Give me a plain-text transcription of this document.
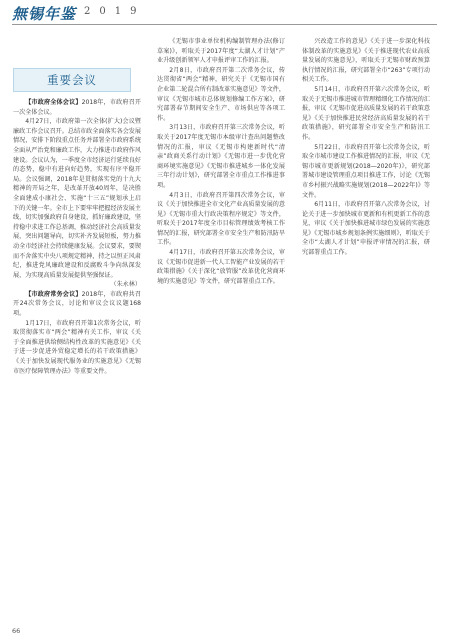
無锡年鉴 2019
重要会议

【市政府全体会议】2018年，市政府召开一次全体会议。

4月27日，市政府第一次全体(扩大)会议暨廉政工作会议召开。总结市政全面落实各会发展情况，安排下阶段重点任务并部署全市政府系统全面从严治党和廉政工作，大力推进市政府作风建设。会议认为，一季度全市经济运行延续良好的态势，稳中有进向好趋势，实现有序平稳开局。会议强调，2018年是贯彻落实党的十九大精神的开局之年，是改革开放40周年，是决胜全面建成小康社会、实施“十三五”规划承上启下的关键一年。全市上下要牢牢把握经济发展主线，切实加强政府自身建设，抓好廉政建设，坚持稳中求进工作总基调，推动经济社会高质量发展，突出问题导向，切实补齐发展短板，努力推动全市经济社会持续健康发展。会议要求，要锲而不舍落实中央八项规定精神，持之以恒正风肃纪，推进党风廉政建设和反腐败斗争向纵深发展，为实现高质量发展提供坚强保证。

（朱永林）

【市政府常务会议】2018年，市政府共召开24次常务会议，讨论和审议会议议题168项。

1月17日，市政府召开第1次常务会议，听取贯彻落实市“两会”精神有关工作，审议《关于全面推进供给侧结构性改革的实施意见》《关于进一步促进外贸稳定增长的若干政策措施》《关于加快发展现代服务业的实施意见》《无锡市医疗保障管理办法》等重要文件。

《无锡市事业单位机构编制管理办法(修订草案)》，听取关于2017年度“太湖人才计划”产业升级创新领军人才申报评审工作的汇报。

2月8日，市政府召开第二次常务会议，传达贯彻省“两会”精神，研究关于《无锡市国有企业第二轮混合所有制改革实施意见》等文件，审议《无锡市城市总体规划修编工作方案》，研究部署春节期间安全生产、市场供应等各项工作。

3月13日，市政府召开第三次常务会议，听取关于2017年度无锡市本级审计查出问题整改情况的汇报，审议《无锡市构建新时代“清亲”政商关系行动计划》《无锡市进一步优化营商环境实施意见》《无锡市推进城乡一体化发展三年行动计划》，研究部署全市重点工作推进事项。

4月3日，市政府召开第四次常务会议，审议《关于加快推进全市文化产业高质量发展的意见》《无锡市重大行政决策程序规定》等文件，听取关于2017年度全市目标管理绩效考核工作情况的汇报，研究部署全市安全生产和防汛防旱工作。

4月17日，市政府召开第五次常务会议，审议《无锡市促进新一代人工智能产业发展的若干政策措施》《关于深化“放管服”改革优化营商环境的实施意见》等文件，研究部署重点工作。

兴改造工作的意见》《关于进一步深化科技体制改革的实施意见》《关于推进现代农业高质量发展的实施意见》，听取关于无锡市财政预算执行情况的汇报，研究部署全市“263”专项行动相关工作。

5月14日，市政府召开第六次常务会议，听取关于无锡市推进城市管理精细化工作情况的汇报，审议《无锡市促进高质量发展的若干政策意见》《关于加快推进民营经济高质量发展的若干政策措施》，研究部署全市安全生产和防汛工作。

5月22日，市政府召开第七次常务会议，听取全市城市建设工作推进情况的汇报，审议《无锡市城市更新规划(2018—2020年)》，研究部署城市建设管理重点项目推进工作，讨论《无锡市乡村振兴战略实施规划(2018—2022年)》等文件。

6月11日，市政府召开第八次常务会议，讨论关于进一步加快城市更新和有机更新工作的意见，审议《关于加快推进城市绿色发展的实施意见》《无锡市城乡规划条例实施细则》，听取关于全市“太湖人才计划”申报评审情况的汇报，研究部署重点工作。

66
